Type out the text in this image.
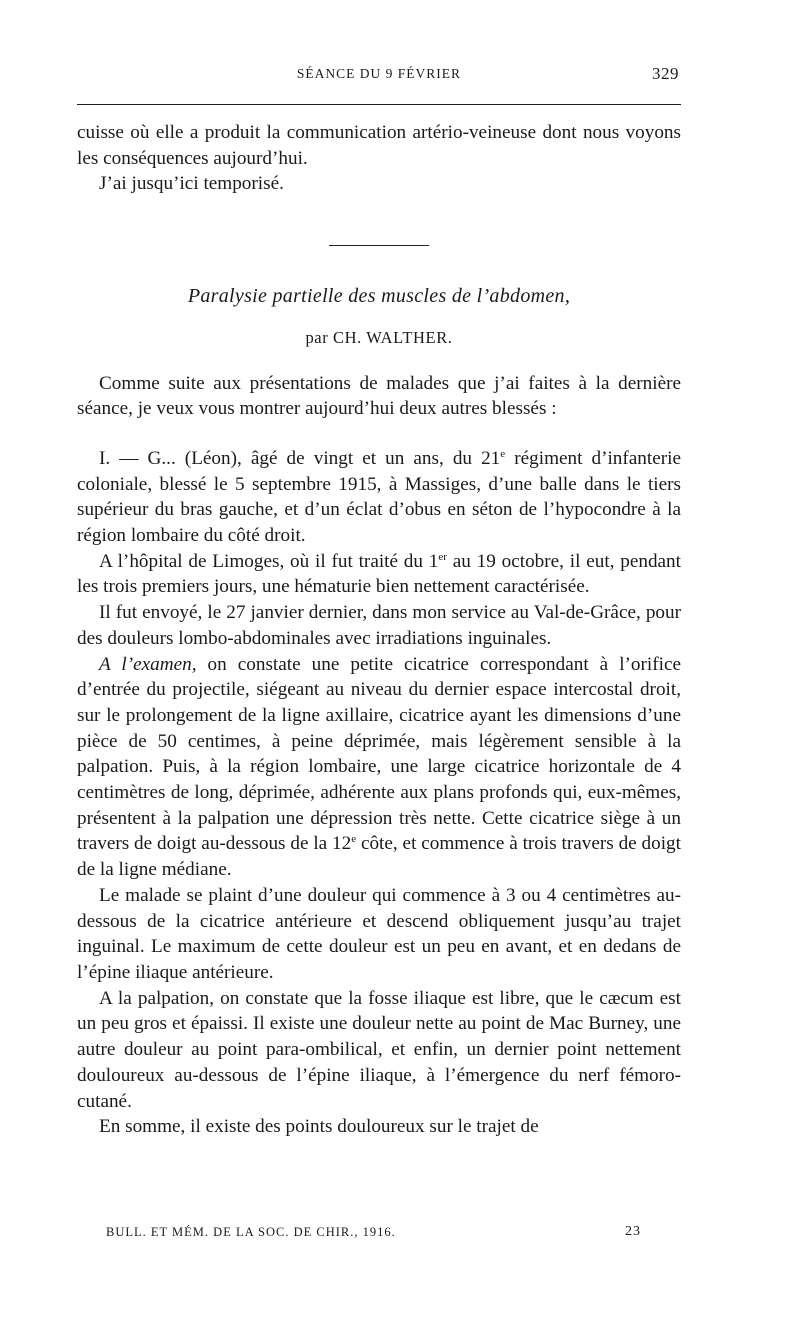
SÉANCE DU 9 FÉVRIER	329

cuisse où elle a produit la communication artério-veineuse dont nous voyons les conséquences aujourd’hui.

J’ai jusqu’ici temporisé.

Paralysie partielle des muscles de l’abdomen,

par CH. WALTHER.

Comme suite aux présentations de malades que j’ai faites à la dernière séance, je veux vous montrer aujourd’hui deux autres blessés :

I. — G... (Léon), âgé de vingt et un ans, du 21e régiment d’infanterie coloniale, blessé le 5 septembre 1915, à Massiges, d’une balle dans le tiers supérieur du bras gauche, et d’un éclat d’obus en séton de l’hypocondre à la région lombaire du côté droit.

A l’hôpital de Limoges, où il fut traité du 1er au 19 octobre, il eut, pendant les trois premiers jours, une hématurie bien nettement caractérisée.

Il fut envoyé, le 27 janvier dernier, dans mon service au Val-de-Grâce, pour des douleurs lombo-abdominales avec irradiations inguinales.

A l’examen, on constate une petite cicatrice correspondant à l’orifice d’entrée du projectile, siégeant au niveau du dernier espace intercostal droit, sur le prolongement de la ligne axillaire, cicatrice ayant les dimensions d’une pièce de 50 centimes, à peine déprimée, mais légèrement sensible à la palpation. Puis, à la région lombaire, une large cicatrice horizontale de 4 centimètres de long, déprimée, adhérente aux plans profonds qui, eux-mêmes, présentent à la palpation une dépression très nette. Cette cicatrice siège à un travers de doigt au-dessous de la 12e côte, et commence à trois travers de doigt de la ligne médiane.

Le malade se plaint d’une douleur qui commence à 3 ou 4 centimètres au-dessous de la cicatrice antérieure et descend obliquement jusqu’au trajet inguinal. Le maximum de cette douleur est un peu en avant, et en dedans de l’épine iliaque antérieure.

A la palpation, on constate que la fosse iliaque est libre, que le cæcum est un peu gros et épaissi. Il existe une douleur nette au point de Mac Burney, une autre douleur au point para-ombilical, et enfin, un dernier point nettement douloureux au-dessous de l’épine iliaque, à l’émergence du nerf fémoro-cutané.

En somme, il existe des points douloureux sur le trajet de

BULL. ET MÉM. DE LA SOC. DE CHIR., 1916.	23
